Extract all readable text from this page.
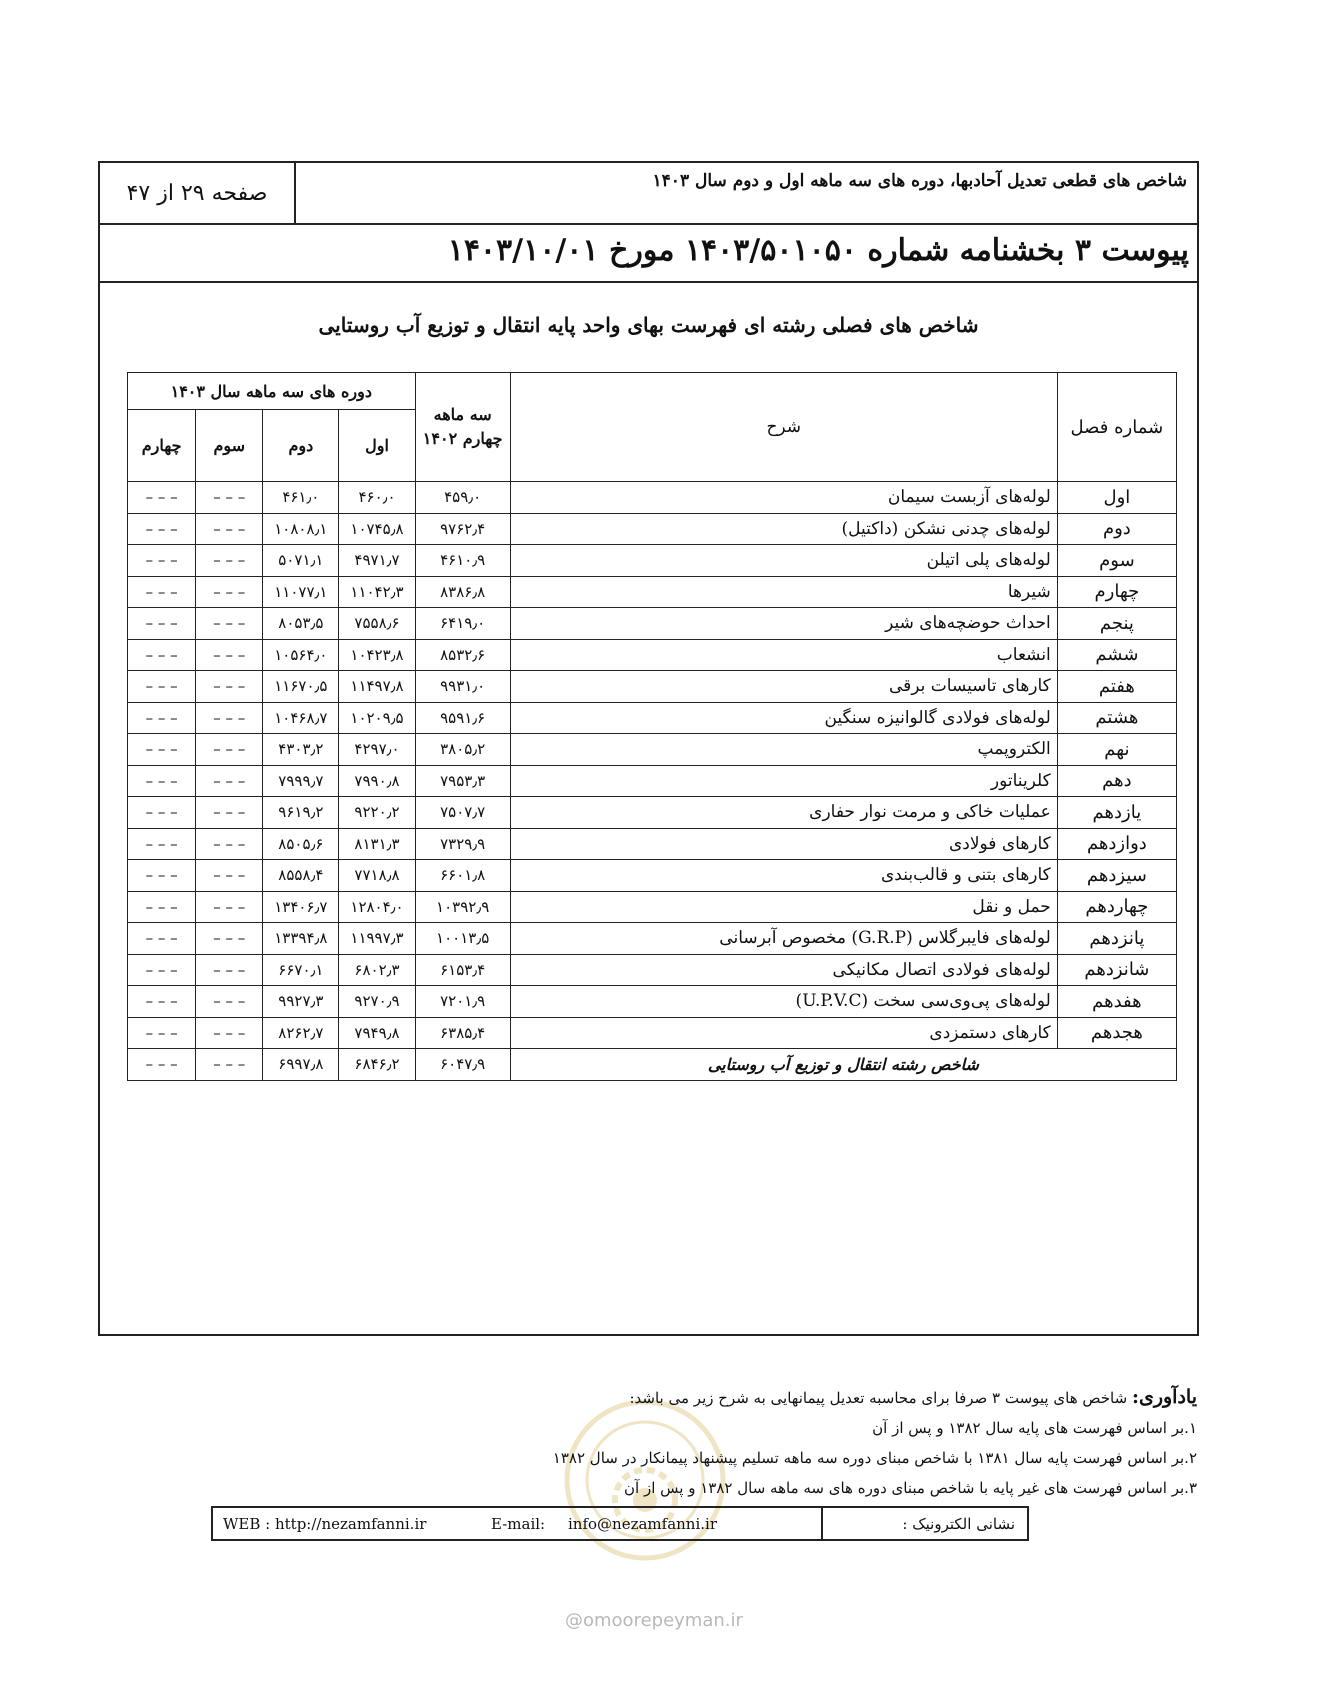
صفحه ۲۹ از ۴۷	شاخص های قطعی تعدیل آحادبها، دوره های سه ماهه اول و دوم سال ۱۴۰۳
پیوست ۳ بخشنامه شماره ۱۴۰۳/۵۰۱۰۵۰ مورخ ۱۴۰۳/۱۰/۰۱
شاخص های فصلی رشته ای فهرست بهای واحد پایه انتقال و توزیع آب روستایی
شماره فصل	شرح	سه ماهه
چهارم ۱۴۰۲	دوره های سه ماهه سال ۱۴۰۳			
			اول	دوم	سوم	چهارم
اول	لوله‌های آزبست سیمان	۴۵۹٫۰	۴۶۰٫۰	۴۶۱٫۰	– – –	– – –
دوم	لوله‌های چدنی نشکن (داکتیل)	۹۷۶۲٫۴	۱۰۷۴۵٫۸	۱۰۸۰۸٫۱	– – –	– – –
سوم	لوله‌های پلی اتیلن	۴۶۱۰٫۹	۴۹۷۱٫۷	۵۰۷۱٫۱	– – –	– – –
چهارم	شیرها	۸۳۸۶٫۸	۱۱۰۴۲٫۳	۱۱۰۷۷٫۱	– – –	– – –
پنجم	احداث حوضچه‌های شیر	۶۴۱۹٫۰	۷۵۵۸٫۶	۸۰۵۳٫۵	– – –	– – –
ششم	انشعاب	۸۵۳۲٫۶	۱۰۴۲۳٫۸	۱۰۵۶۴٫۰	– – –	– – –
هفتم	کارهای تاسیسات برقی	۹۹۳۱٫۰	۱۱۴۹۷٫۸	۱۱۶۷۰٫۵	– – –	– – –
هشتم	لوله‌های فولادی گالوانیزه سنگین	۹۵۹۱٫۶	۱۰۲۰۹٫۵	۱۰۴۶۸٫۷	– – –	– – –
نهم	الکتروپمپ	۳۸۰۵٫۲	۴۲۹۷٫۰	۴۳۰۳٫۲	– – –	– – –
دهم	کلریناتور	۷۹۵۳٫۳	۷۹۹۰٫۸	۷۹۹۹٫۷	– – –	– – –
یازدهم	عملیات خاکی و مرمت نوار حفاری	۷۵۰۷٫۷	۹۲۲۰٫۲	۹۶۱۹٫۲	– – –	– – –
دوازدهم	کارهای فولادی	۷۳۲۹٫۹	۸۱۳۱٫۳	۸۵۰۵٫۶	– – –	– – –
سیزدهم	کارهای بتنی و قالب‌بندی	۶۶۰۱٫۸	۷۷۱۸٫۸	۸۵۵۸٫۴	– – –	– – –
چهاردهم	حمل و نقل	۱۰۳۹۲٫۹	۱۲۸۰۴٫۰	۱۳۴۰۶٫۷	– – –	– – –
پانزدهم	لوله‌های فایبرگلاس (G.R.P) مخصوص آبرسانی	۱۰۰۱۳٫۵	۱۱۹۹۷٫۳	۱۳۳۹۴٫۸	– – –	– – –
شانزدهم	لوله‌های فولادی اتصال مکانیکی	۶۱۵۳٫۴	۶۸۰۲٫۳	۶۶۷۰٫۱	– – –	– – –
هفدهم	لوله‌های پی‌وی‌سی سخت (U.P.V.C)	۷۲۰۱٫۹	۹۲۷۰٫۹	۹۹۲۷٫۳	– – –	– – –
هجدهم	کارهای دستمزدی	۶۳۸۵٫۴	۷۹۴۹٫۸	۸۲۶۲٫۷	– – –	– – –
شاخص رشته انتقال و توزیع آب روستایی		۶۰۴۷٫۹	۶۸۴۶٫۲	۶۹۹۷٫۸	– – –	– – –
یادآوری: شاخص های پیوست ۳ صرفا برای محاسبه تعدیل پیمانهایی به شرح زیر می باشد:
۱.بر اساس فهرست های پایه سال ۱۳۸۲ و پس از آن
۲.بر اساس فهرست پایه سال ۱۳۸۱ با شاخص مبنای دوره سه ماهه تسلیم پیشنهاد پیمانکار در سال ۱۳۸۲
۳.بر اساس فهرست های غیر پایه با شاخص مبنای دوره های سه ماهه سال ۱۳۸۲ و پس از آن
نشانی الکترونیک :
WEB : http://nezamfanni.ir	E-mail: info@nezamfanni.ir
@omoorepeyman.ir
